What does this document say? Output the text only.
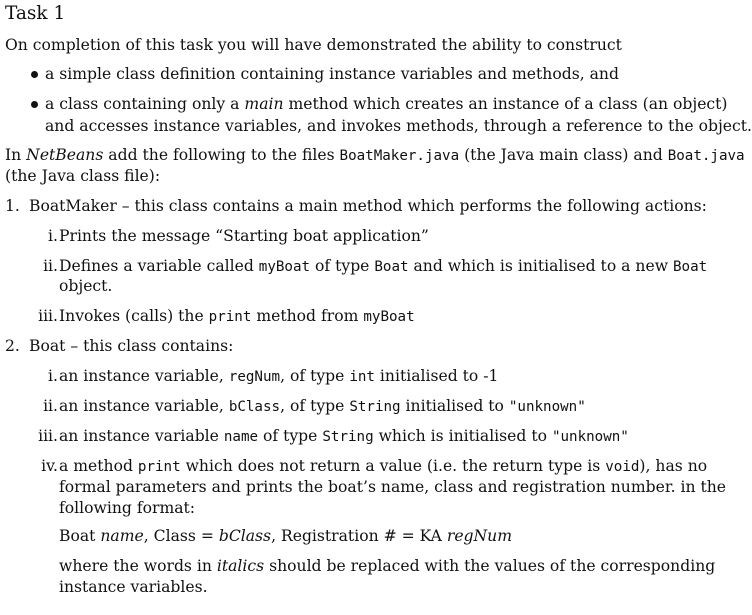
Task 1
On completion of this task you will have demonstrated the ability to construct
a simple class definition containing instance variables and methods, and
a class containing only a main method which creates an instance of a class (an object)
and accesses instance variables, and invokes methods, through a reference to the object.
In NetBeans add the following to the files BoatMaker.java (the Java main class) and Boat.java
(the Java class file):
1. BoatMaker – this class contains a main method which performs the following actions:
i. Prints the message “Starting boat application”
ii. Defines a variable called myBoat of type Boat and which is initialised to a new Boat
object.
iii. Invokes (calls) the print method from myBoat
2. Boat – this class contains:
i. an instance variable, regNum, of type int initialised to -1
ii. an instance variable, bClass, of type String initialised to "unknown"
iii. an instance variable name of type String which is initialised to "unknown"
iv. a method print which does not return a value (i.e. the return type is void), has no
formal parameters and prints the boat’s name, class and registration number. in the
following format:
Boat name, Class = bClass, Registration # = KA regNum
where the words in italics should be replaced with the values of the corresponding
instance variables.
